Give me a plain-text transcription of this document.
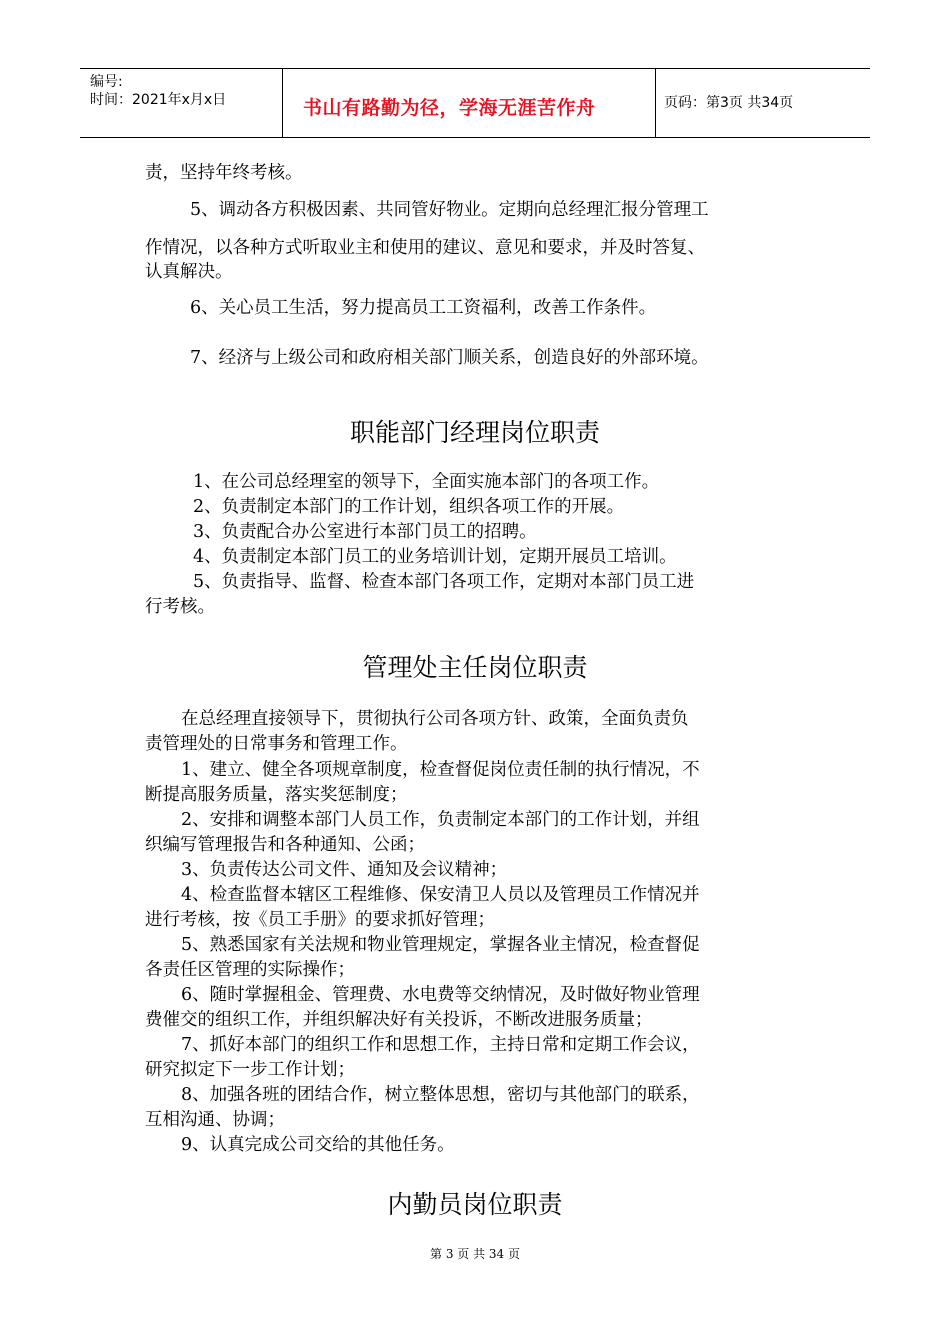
编号:
时间：2021年x月x日	书山有路勤为径，学海无涯苦作舟	页码：第3页 共34页
责，坚持年终考核。
5、调动各方积极因素、共同管好物业。定期向总经理汇报分管理工
作情况，以各种方式听取业主和使用的建议、意见和要求，并及时答复、
认真解决。
6、关心员工生活，努力提高员工工资福利，改善工作条件。
7、经济与上级公司和政府相关部门顺关系，创造良好的外部环境。
职能部门经理岗位职责
1、在公司总经理室的领导下，全面实施本部门的各项工作。
2、负责制定本部门的工作计划，组织各项工作的开展。
3、负责配合办公室进行本部门员工的招聘。
4、负责制定本部门员工的业务培训计划，定期开展员工培训。
5、负责指导、监督、检查本部门各项工作，定期对本部门员工进
行考核。
管理处主任岗位职责
在总经理直接领导下，贯彻执行公司各项方针、政策，全面负责负
责管理处的日常事务和管理工作。
1、建立、健全各项规章制度，检查督促岗位责任制的执行情况，不
断提高服务质量，落实奖惩制度；
2、安排和调整本部门人员工作，负责制定本部门的工作计划，并组
织编写管理报告和各种通知、公函；
3、负责传达公司文件、通知及会议精神；
4、检查监督本辖区工程维修、保安清卫人员以及管理员工作情况并
进行考核，按《员工手册》的要求抓好管理；
5、熟悉国家有关法规和物业管理规定，掌握各业主情况，检查督促
各责任区管理的实际操作；
6、随时掌握租金、管理费、水电费等交纳情况，及时做好物业管理
费催交的组织工作，并组织解决好有关投诉，不断改进服务质量；
7、抓好本部门的组织工作和思想工作，主持日常和定期工作会议，
研究拟定下一步工作计划；
8、加强各班的团结合作，树立整体思想，密切与其他部门的联系，
互相沟通、协调；
9、认真完成公司交给的其他任务。
内勤员岗位职责
第 3 页 共 34 页
